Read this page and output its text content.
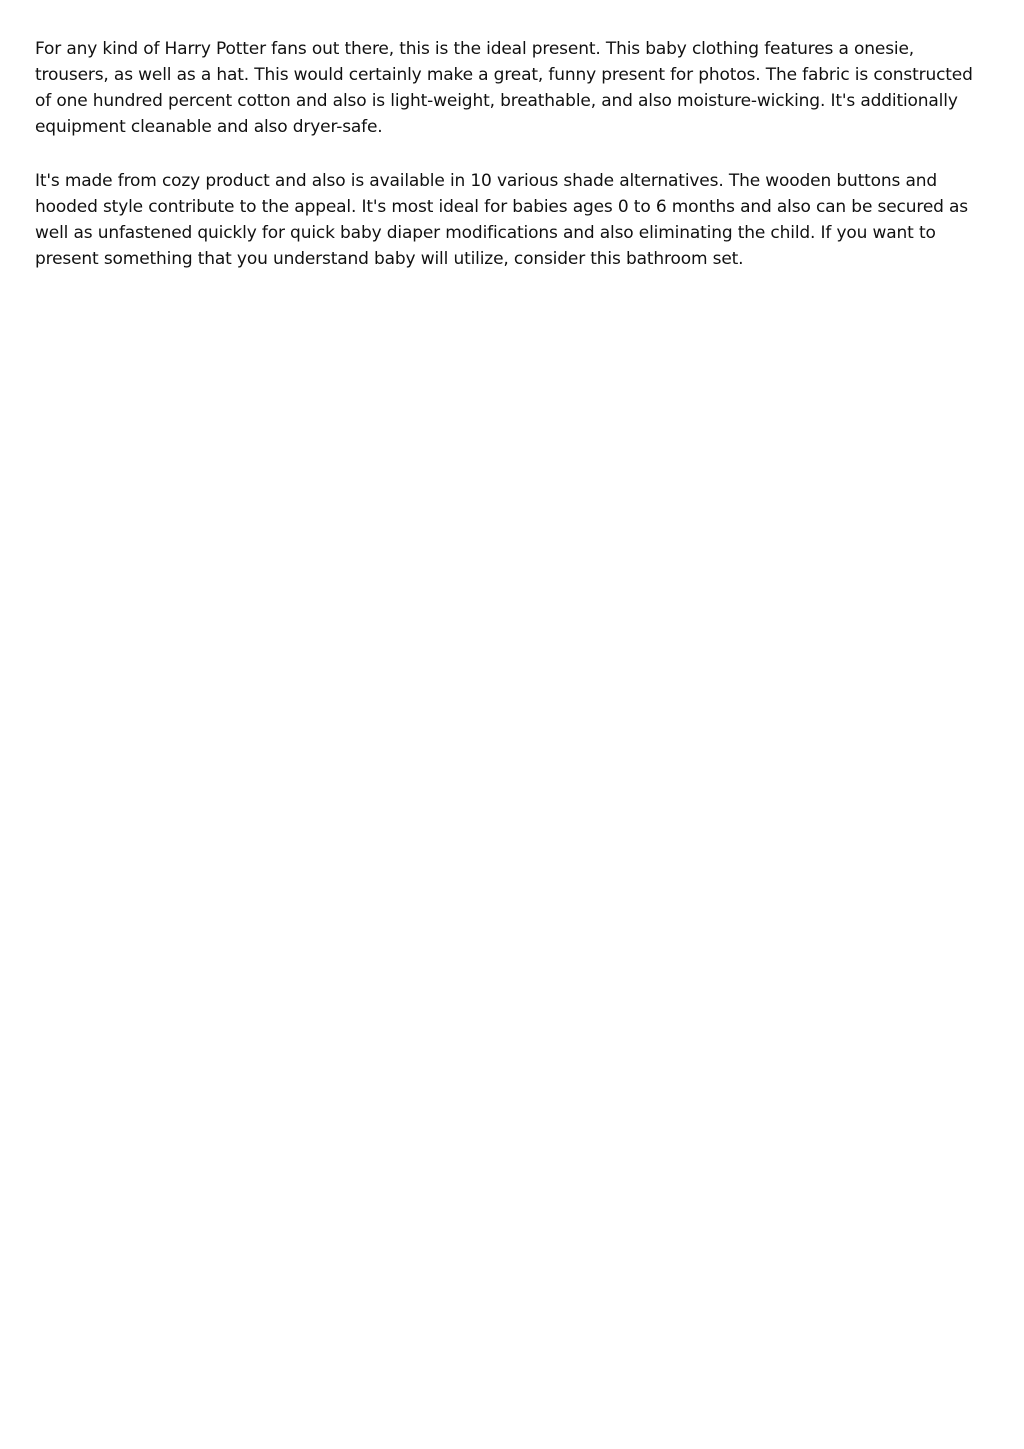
For any kind of Harry Potter fans out there, this is the ideal present. This baby clothing features a onesie, trousers, as well as a hat. This would certainly make a great, funny present for photos. The fabric is constructed of one hundred percent cotton and also is light-weight, breathable, and also moisture-wicking. It's additionally equipment cleanable and also dryer-safe.

It's made from cozy product and also is available in 10 various shade alternatives. The wooden buttons and hooded style contribute to the appeal. It's most ideal for babies ages 0 to 6 months and also can be secured as well as unfastened quickly for quick baby diaper modifications and also eliminating the child. If you want to present something that you understand baby will utilize, consider this bathroom set.
